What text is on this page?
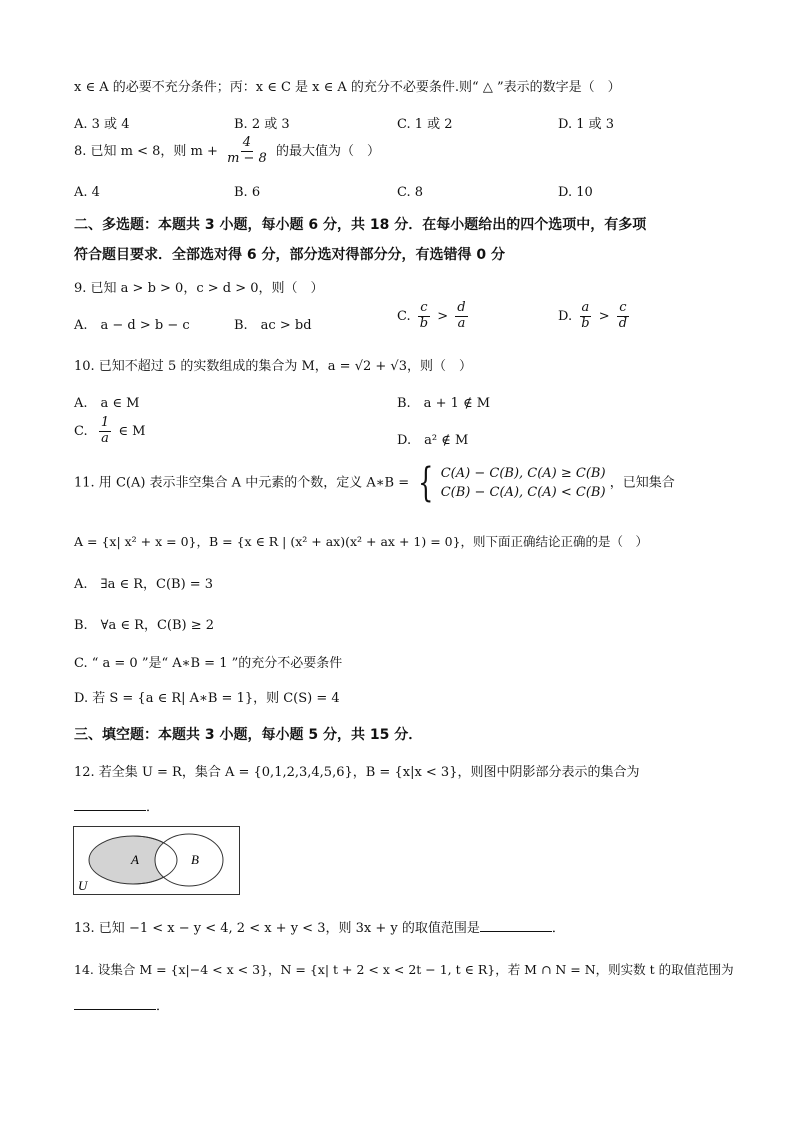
x ∈ A 的必要不充分条件；丙：x ∈ C 是 x ∈ A 的充分不必要条件.则“ △ ”表示的数字是（　）
A. 3 或 4	B. 2 或 3	C. 1 或 2	D. 1 或 3
8. 已知 m < 8，则 $m + \frac{4}{m - 8}$ 的最大值为（　）
A. 4	B. 6	C. 8	D. 10
二、多选题：本题共 3 小题，每小题 6 分，共 18 分．在每小题给出的四个选项中，有多项
符合题目要求．全部选对得 6 分，部分选对得部分分，有选错得 0 分
9. 已知 a > b > 0，c > d > 0，则（　）
A.　a − d > b − c	B.　ac > bd
C. $\frac{c}{b} > \frac{d}{a}$	D. $\frac{a}{b} > \frac{c}{d}$
10. 已知不超过 5 的实数组成的集合为 M，a = √2 + √3，则（　）
A.　a ∈ M	B.　a + 1 ∉ M
C. $\frac{1}{a}$ ∈ M
D.　a² ∉ M
11. 用 C(A) 表示非空集合 A 中元素的个数，定义 A∗B = { C(A) − C(B), C(A) ≥ C(B)
C(B) − C(A), C(A) < C(B)
，已知集合
A = {x| x² + x = 0}，B = {x ∈ R | (x² + ax)(x² + ax + 1) = 0}，则下面正确结论正确的是（　）
A.　∃a ∈ R，C(B) = 3
B.　∀a ∈ R，C(B) ≥ 2
C. “ a = 0 ”是“ A∗B = 1 ”的充分不必要条件
D. 若 S = {a ∈ R| A∗B = 1}，则 C(S) = 4
三、填空题：本题共 3 小题，每小题 5 分，共 15 分．
12. 若全集 U = R，集合 A = {0,1,2,3,4,5,6}，B = {x|x < 3}，则图中阴影部分表示的集合为
．
A	B
U
13. 已知 −1 < x − y < 4, 2 < x + y < 3，则 3x + y 的取值范围是	．
14. 设集合 M = {x|−4 < x < 3}，N = {x| t + 2 < x < 2t − 1, t ∈ R}，若 M ∩ N = N，则实数 t 的取值范围为
．
